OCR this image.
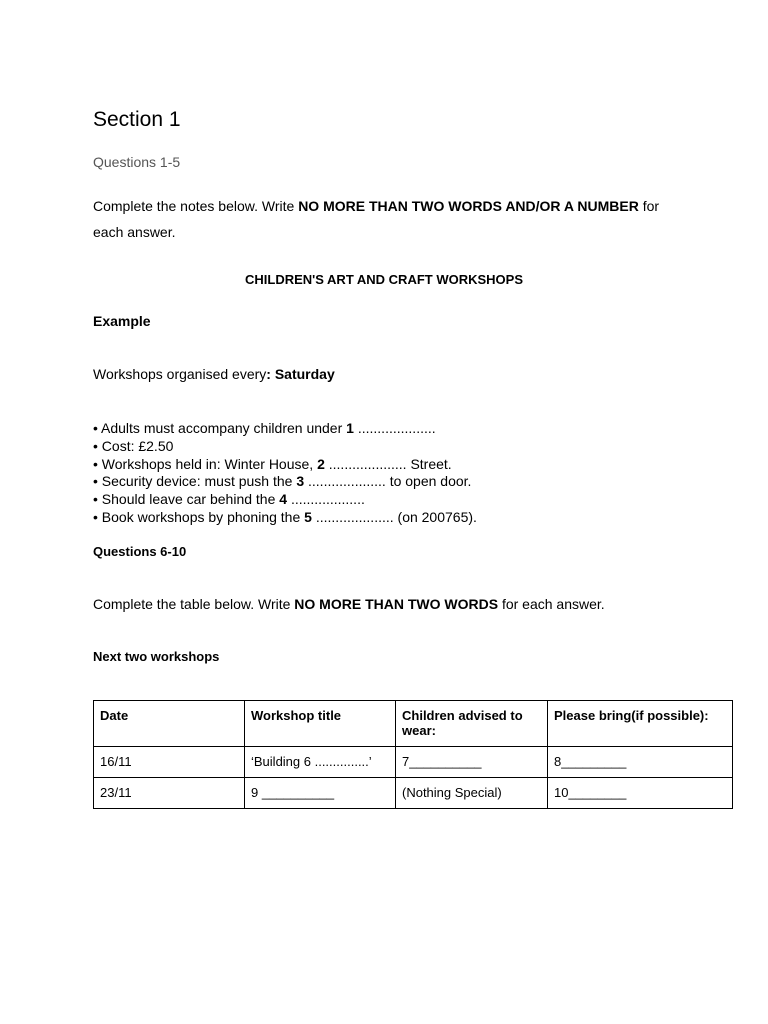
Section 1
Questions 1-5
Complete the notes below. Write NO MORE THAN TWO WORDS AND/OR A NUMBER for each answer.
CHILDREN'S ART AND CRAFT WORKSHOPS
Example
Workshops organised every: Saturday
• Adults must accompany children under 1 ....................
• Cost: £2.50
• Workshops held in: Winter House, 2 .................... Street.
• Security device: must push the 3 .................... to open door.
• Should leave car behind the 4 ...................
• Book workshops by phoning the 5 .................... (on 200765).
Questions 6-10
Complete the table below. Write NO MORE THAN TWO WORDS for each answer.
Next two workshops
Date	Workshop title	Children advised to wear:	Please bring(if possible):
16/11	‘Building 6 ...............’	7__________	8_________
23/11	9 __________	(Nothing Special)	10________
